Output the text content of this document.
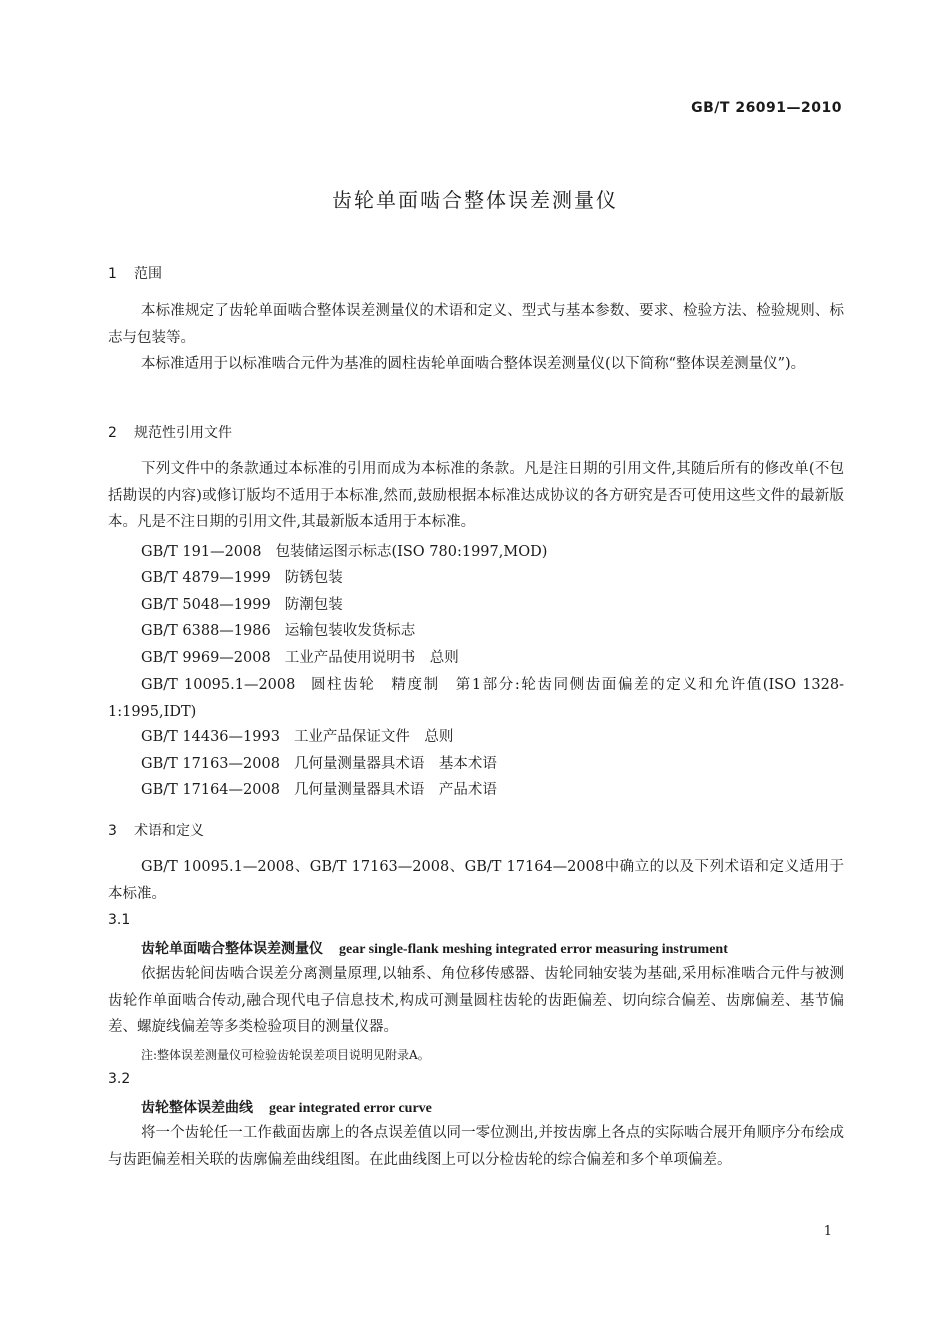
GB/T 26091—2010
齿轮单面啮合整体误差测量仪
1 范围
本标准规定了齿轮单面啮合整体误差测量仪的术语和定义、型式与基本参数、要求、检验方法、检验规则、标志与包装等。
本标准适用于以标准啮合元件为基准的圆柱齿轮单面啮合整体误差测量仪(以下简称“整体误差测量仪”)。
2 规范性引用文件
下列文件中的条款通过本标准的引用而成为本标准的条款。凡是注日期的引用文件,其随后所有的修改单(不包括勘误的内容)或修订版均不适用于本标准,然而,鼓励根据本标准达成协议的各方研究是否可使用这些文件的最新版本。凡是不注日期的引用文件,其最新版本适用于本标准。
GB/T 191—2008 包装储运图示标志(ISO 780:1997,MOD)
GB/T 4879—1999 防锈包装
GB/T 5048—1999 防潮包装
GB/T 6388—1986 运输包装收发货标志
GB/T 9969—2008 工业产品使用说明书　总则
GB/T 10095.1—2008 圆柱齿轮　精度制　第1部分:轮齿同侧齿面偏差的定义和允许值(ISO 1328-1:1995,IDT)
GB/T 14436—1993 工业产品保证文件　总则
GB/T 17163—2008 几何量测量器具术语　基本术语
GB/T 17164—2008 几何量测量器具术语　产品术语
3 术语和定义
GB/T 10095.1—2008、GB/T 17163—2008、GB/T 17164—2008中确立的以及下列术语和定义适用于本标准。
3.1
齿轮单面啮合整体误差测量仪 gear single-flank meshing integrated error measuring instrument
依据齿轮间齿啮合误差分离测量原理,以轴系、角位移传感器、齿轮同轴安装为基础,采用标准啮合元件与被测齿轮作单面啮合传动,融合现代电子信息技术,构成可测量圆柱齿轮的齿距偏差、切向综合偏差、齿廓偏差、基节偏差、螺旋线偏差等多类检验项目的测量仪器。
注:整体误差测量仪可检验齿轮误差项目说明见附录A。
3.2
齿轮整体误差曲线 gear integrated error curve
将一个齿轮任一工作截面齿廓上的各点误差值以同一零位测出,并按齿廓上各点的实际啮合展开角顺序分布绘成与齿距偏差相关联的齿廓偏差曲线组图。在此曲线图上可以分检齿轮的综合偏差和多个单项偏差。
1
